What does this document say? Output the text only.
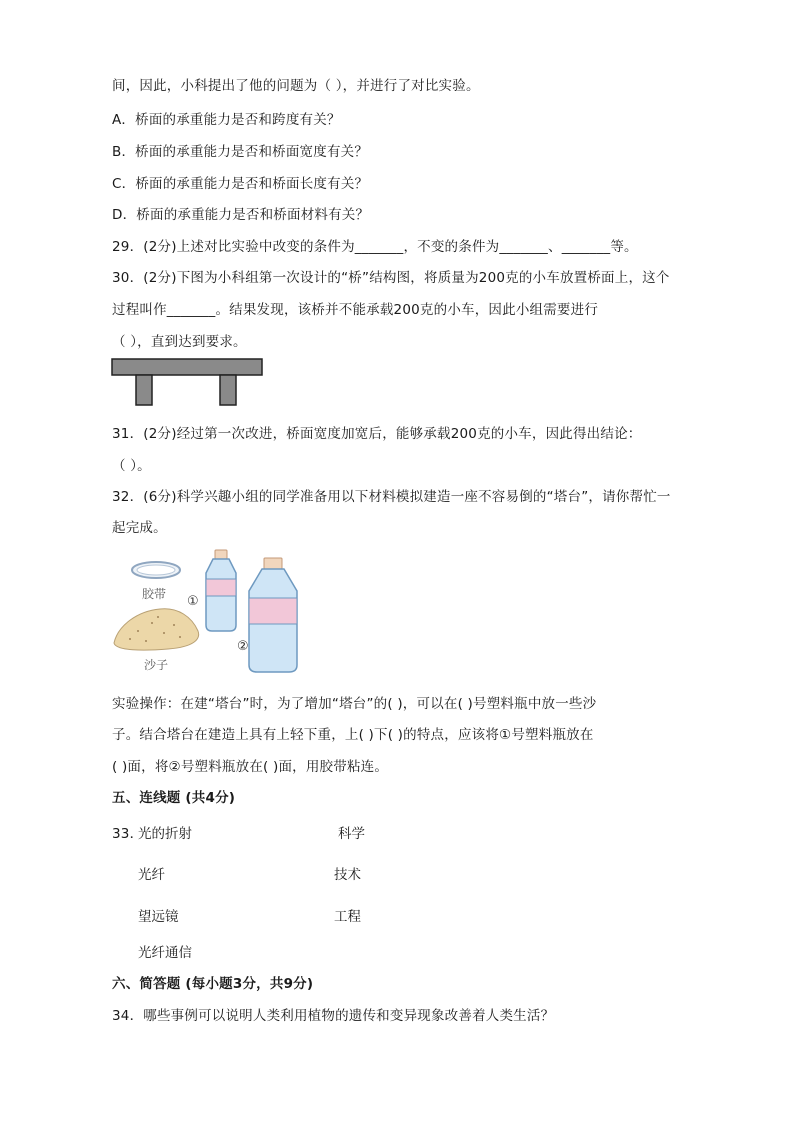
间，因此，小科提出了他的问题为（ ），并进行了对比实验。
A．桥面的承重能力是否和跨度有关？
B．桥面的承重能力是否和桥面宽度有关？
C．桥面的承重能力是否和桥面长度有关？
D．桥面的承重能力是否和桥面材料有关？
29．(2分)上述对比实验中改变的条件为_______，不变的条件为_______、_______等。
30．(2分)下图为小科组第一次设计的“桥”结构图，将质量为200克的小车放置桥面上，这个
过程叫作_______。结果发现，该桥并不能承载200克的小车，因此小组需要进行
（ ），直到达到要求。
31．(2分)经过第一次改进，桥面宽度加宽后，能够承载200克的小车，因此得出结论：
（ ）。
32．(6分)科学兴趣小组的同学准备用以下材料模拟建造一座不容易倒的“塔台”，请你帮忙一
起完成。
胶带
沙子
①
②
实验操作：在建“塔台”时，为了增加“塔台”的( )，可以在( )号塑料瓶中放一些沙
子。结合塔台在建造上具有上轻下重，上( )下( )的特点，应该将①号塑料瓶放在
( )面，将②号塑料瓶放在( )面，用胶带粘连。
五、连线题 (共4分)
33．
光的折射
光纤
望远镜
光纤通信
科学
技术
工程
六、简答题 (每小题3分，共9分)
34．哪些事例可以说明人类利用植物的遗传和变异现象改善着人类生活？
